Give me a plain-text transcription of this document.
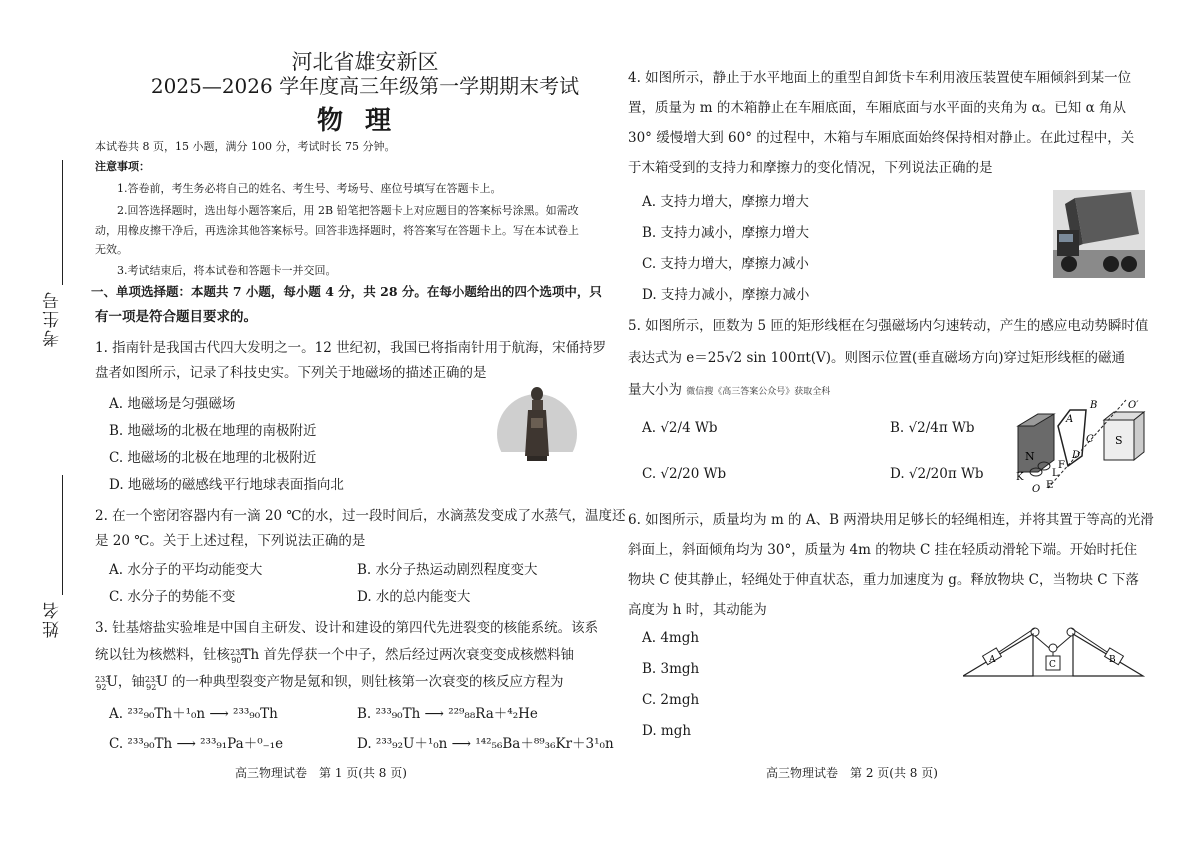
考生号
姓名
河北省雄安新区
2025—2026 学年度高三年级第一学期期末考试
物理
本试卷共 8 页，15 小题，满分 100 分，考试时长 75 分钟。
注意事项：
1.答卷前，考生务必将自己的姓名、考生号、考场号、座位号填写在答题卡上。
2.回答选择题时，选出每小题答案后，用 2B 铅笔把答题卡上对应题目的答案标号涂黑。如需改
动，用橡皮擦干净后，再选涂其他答案标号。回答非选择题时，将答案写在答题卡上。写在本试卷上
无效。
3.考试结束后，将本试卷和答题卡一并交回。
一、单项选择题：本题共 7 小题，每小题 4 分，共 28 分。在每小题给出的四个选项中，只
有一项是符合题目要求的。
1. 指南针是我国古代四大发明之一。12 世纪初，我国已将指南针用于航海，宋俑持罗
盘者如图所示，记录了科技史实。下列关于地磁场的描述正确的是
A. 地磁场是匀强磁场
B. 地磁场的北极在地理的南极附近
C. 地磁场的北极在地理的北极附近
D. 地磁场的磁感线平行地球表面指向北
2. 在一个密闭容器内有一滴 20 ℃的水，过一段时间后，水滴蒸发变成了水蒸气，温度还
是 20 ℃。关于上述过程，下列说法正确的是
A. 水分子的平均动能变大	B. 水分子热运动剧烈程度变大
C. 水分子的势能不变	D. 水的总内能变大
3. 钍基熔盐实验堆是中国自主研发、设计和建设的第四代先进裂变的核能系统。该系
统以钍为核燃料，钍核$^{232}_{90}$Th 首先俘获一个中子，然后经过两次衰变变成核燃料铀
$^{233}_{92}$U，铀$^{233}_{92}$U 的一种典型裂变产物是氪和钡，则钍核第一次衰变的核反应方程为
A. ²³²₉₀Th＋¹₀n ⟶ ²³³₉₀Th	B. ²³³₉₀Th ⟶ ²²⁹₈₈Ra＋⁴₂He
C. ²³³₉₀Th ⟶ ²³³₉₁Pa＋⁰₋₁e	D. ²³³₉₂U＋¹₀n ⟶ ¹⁴²₅₆Ba＋⁸⁹₃₆Kr＋3¹₀n
高三物理试卷　第 1 页(共 8 页)
4. 如图所示，静止于水平地面上的重型自卸货卡车利用液压装置使车厢倾斜到某一位
置，质量为 m 的木箱静止在车厢底面，车厢底面与水平面的夹角为 α。已知 α 角从
30° 缓慢增大到 60° 的过程中，木箱与车厢底面始终保持相对静止。在此过程中，关
于木箱受到的支持力和摩擦力的变化情况，下列说法正确的是
A. 支持力增大，摩擦力增大
B. 支持力减小，摩擦力增大
C. 支持力增大，摩擦力减小
D. 支持力减小，摩擦力减小
5. 如图所示，匝数为 5 匝的矩形线框在匀强磁场内匀速转动，产生的感应电动势瞬时值
表达式为 e＝25√2 sin 100πt(V)。则图示位置(垂直磁场方向)穿过矩形线框的磁通
量大小为 微信搜《高三答案公众号》获取全科
A. √2/4 Wb	B. √2/4π Wb
C. √2/20 Wb	D. √2/20π Wb
N
S
A
B
C
D
O′
O
K	L
F
E
6. 如图所示，质量均为 m 的 A、B 两滑块用足够长的轻绳相连，并将其置于等高的光滑
斜面上，斜面倾角均为 30°，质量为 4m 的物块 C 挂在轻质动滑轮下端。开始时托住
物块 C 使其静止，轻绳处于伸直状态，重力加速度为 g。释放物块 C，当物块 C 下落
高度为 h 时，其动能为
A. 4mgh
B. 3mgh
C. 2mgh
D. mgh
A	C	B
高三物理试卷　第 2 页(共 8 页)
